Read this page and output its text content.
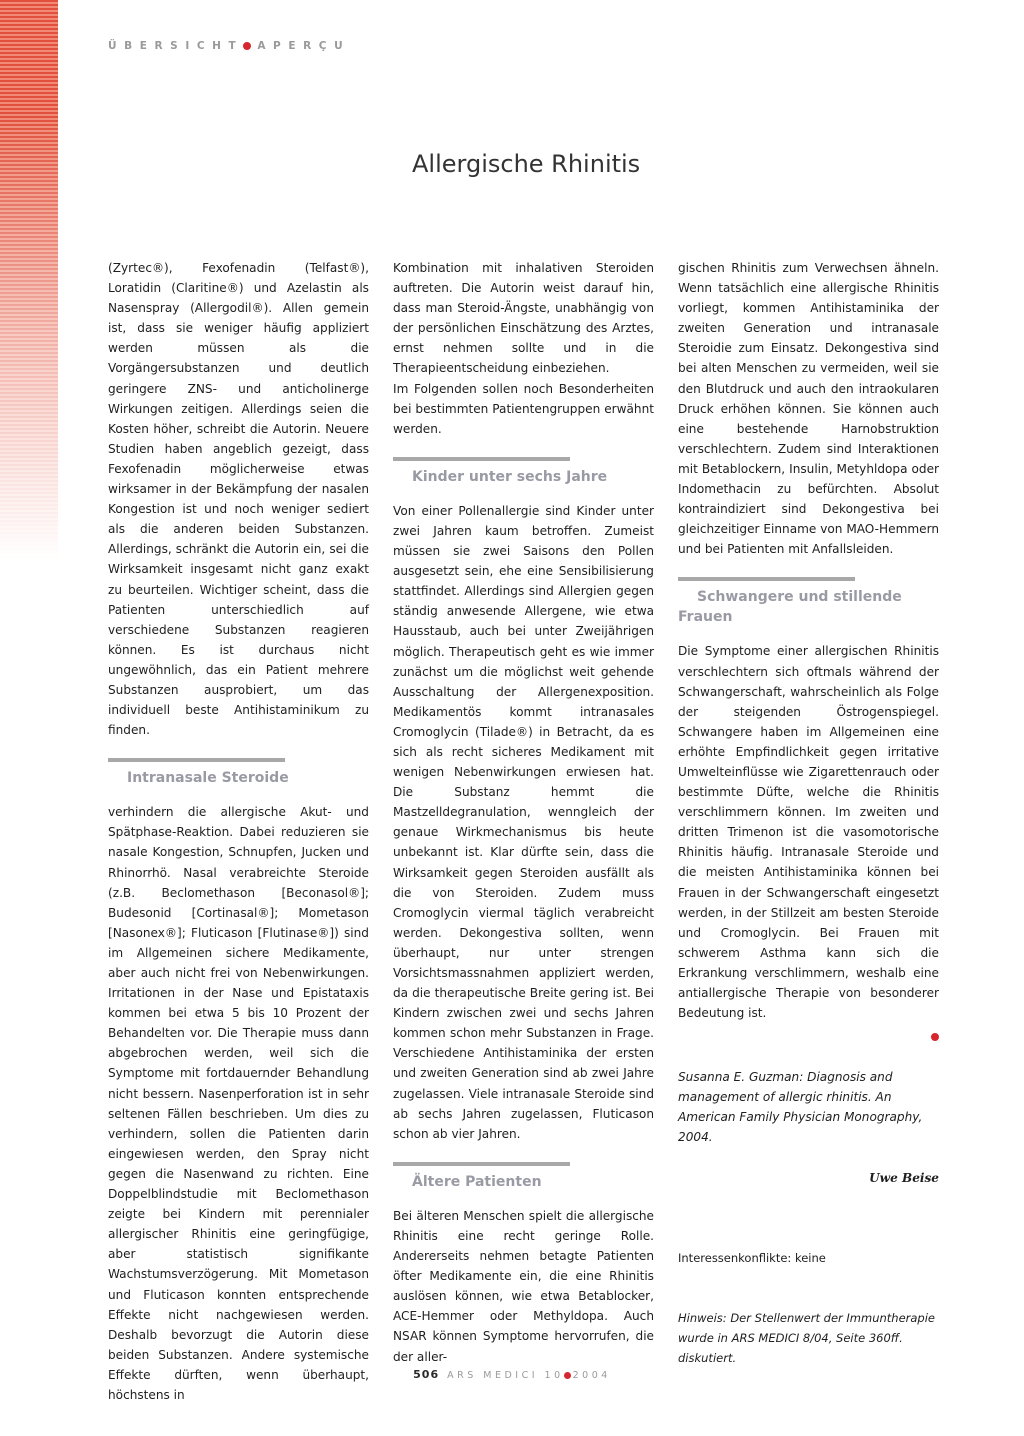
ÜBERSICHT APERÇU
Allergische Rhinitis

(Zyrtec®), Fexofenadin (Telfast®), Loratidin (Claritine®) und Azelastin als Nasenspray (Allergodil®). Allen gemein ist, dass sie weniger häufig appliziert werden müssen als die Vorgängersubstanzen und deutlich geringere ZNS- und anticholinerge Wirkungen zeitigen. Allerdings seien die Kosten höher, schreibt die Autorin. Neuere Studien haben angeblich gezeigt, dass Fexofenadin möglicherweise etwas wirksamer in der Bekämpfung der nasalen Kongestion ist und noch weniger sediert als die anderen beiden Substanzen. Allerdings, schränkt die Autorin ein, sei die Wirksamkeit insgesamt nicht ganz exakt zu beurteilen. Wichtiger scheint, dass die Patienten unterschiedlich auf verschiedene Substanzen reagieren können. Es ist durchaus nicht ungewöhnlich, das ein Patient mehrere Substanzen ausprobiert, um das individuell beste Antihistaminikum zu finden.

Intranasale Steroide

verhindern die allergische Akut- und Spätphase-Reaktion. Dabei reduzieren sie nasale Kongestion, Schnupfen, Jucken und Rhinorrhö. Nasal verabreichte Steroide (z.B. Beclomethason [Beconasol®]; Budesonid [Cortinasal®]; Mometason [Nasonex®]; Fluticason [Flutinase®]) sind im Allgemeinen sichere Medikamente, aber auch nicht frei von Nebenwirkungen. Irritationen in der Nase und Epistataxis kommen bei etwa 5 bis 10 Prozent der Behandelten vor. Die Therapie muss dann abgebrochen werden, weil sich die Symptome mit fortdauernder Behandlung nicht bessern. Nasenperforation ist in sehr seltenen Fällen beschrieben. Um dies zu verhindern, sollen die Patienten darin eingewiesen werden, den Spray nicht gegen die Nasenwand zu richten. Eine Doppelblindstudie mit Beclomethason zeigte bei Kindern mit perennialer allergischer Rhinitis eine geringfügige, aber statistisch signifikante Wachstumsverzögerung. Mit Mometason und Fluticason konnten entsprechende Effekte nicht nachgewiesen werden. Deshalb bevorzugt die Autorin diese beiden Substanzen. Andere systemische Effekte dürften, wenn überhaupt, höchstens in

Kombination mit inhalativen Steroiden auftreten. Die Autorin weist darauf hin, dass man Steroid-Ängste, unabhängig von der persönlichen Einschätzung des Arztes, ernst nehmen sollte und in die Therapieentscheidung einbeziehen.

Im Folgenden sollen noch Besonderheiten bei bestimmten Patientengruppen erwähnt werden.

Kinder unter sechs Jahre

Von einer Pollenallergie sind Kinder unter zwei Jahren kaum betroffen. Zumeist müssen sie zwei Saisons den Pollen ausgesetzt sein, ehe eine Sensibilisierung stattfindet. Allerdings sind Allergien gegen ständig anwesende Allergene, wie etwa Hausstaub, auch bei unter Zweijährigen möglich. Therapeutisch geht es wie immer zunächst um die möglichst weit gehende Ausschaltung der Allergenexposition. Medikamentös kommt intranasales Cromoglycin (Tilade®) in Betracht, da es sich als recht sicheres Medikament mit wenigen Nebenwirkungen erwiesen hat. Die Substanz hemmt die Mastzelldegranulation, wenngleich der genaue Wirkmechanismus bis heute unbekannt ist. Klar dürfte sein, dass die Wirksamkeit gegen Steroiden ausfällt als die von Steroiden. Zudem muss Cromoglycin viermal täglich verabreicht werden. Dekongestiva sollten, wenn überhaupt, nur unter strengen Vorsichtsmassnahmen appliziert werden, da die therapeutische Breite gering ist. Bei Kindern zwischen zwei und sechs Jahren kommen schon mehr Substanzen in Frage. Verschiedene Antihistaminika der ersten und zweiten Generation sind ab zwei Jahre zugelassen. Viele intranasale Steroide sind ab sechs Jahren zugelassen, Fluticason schon ab vier Jahren.

Ältere Patienten

Bei älteren Menschen spielt die allergische Rhinitis eine recht geringe Rolle. Andererseits nehmen betagte Patienten öfter Medikamente ein, die eine Rhinitis auslösen können, wie etwa Betablocker, ACE-Hemmer oder Methyldopa. Auch NSAR können Symptome hervorrufen, die der aller-

gischen Rhinitis zum Verwechsen ähneln. Wenn tatsächlich eine allergische Rhinitis vorliegt, kommen Antihistaminika der zweiten Generation und intranasale Steroidie zum Einsatz. Dekongestiva sind bei alten Menschen zu vermeiden, weil sie den Blutdruck und auch den intraokularen Druck erhöhen können. Sie können auch eine bestehende Harnobstruktion verschlechtern. Zudem sind Interaktionen mit Betablockern, Insulin, Metyhldopa oder Indomethacin zu befürchten. Absolut kontraindiziert sind Dekongestiva bei gleichzeitiger Einname von MAO-Hemmern und bei Patienten mit Anfallsleiden.

Schwangere und stillende Frauen

Die Symptome einer allergischen Rhinitis verschlechtern sich oftmals während der Schwangerschaft, wahrscheinlich als Folge der steigenden Östrogenspiegel. Schwangere haben im Allgemeinen eine erhöhte Empfindlichkeit gegen irritative Umwelteinflüsse wie Zigarettenrauch oder bestimmte Düfte, welche die Rhinitis verschlimmern können. Im zweiten und dritten Trimenon ist die vasomotorische Rhinitis häufig. Intranasale Steroide und die meisten Antihistaminika können bei Frauen in der Schwangerschaft eingesetzt werden, in der Stillzeit am besten Steroide und Cromoglycin. Bei Frauen mit schwerem Asthma kann sich die Erkrankung verschlimmern, weshalb eine antiallergische Therapie von besonderer Bedeutung ist.

Susanna E. Guzman: Diagnosis and management of allergic rhinitis. An American Family Physician Monography, 2004.

Uwe Beise

Interessenkonflikte: keine

Hinweis: Der Stellenwert der Immuntherapie wurde in ARS MEDICI 8/04, Seite 360ff. diskutiert.

506 ARS MEDICI 10 2004
